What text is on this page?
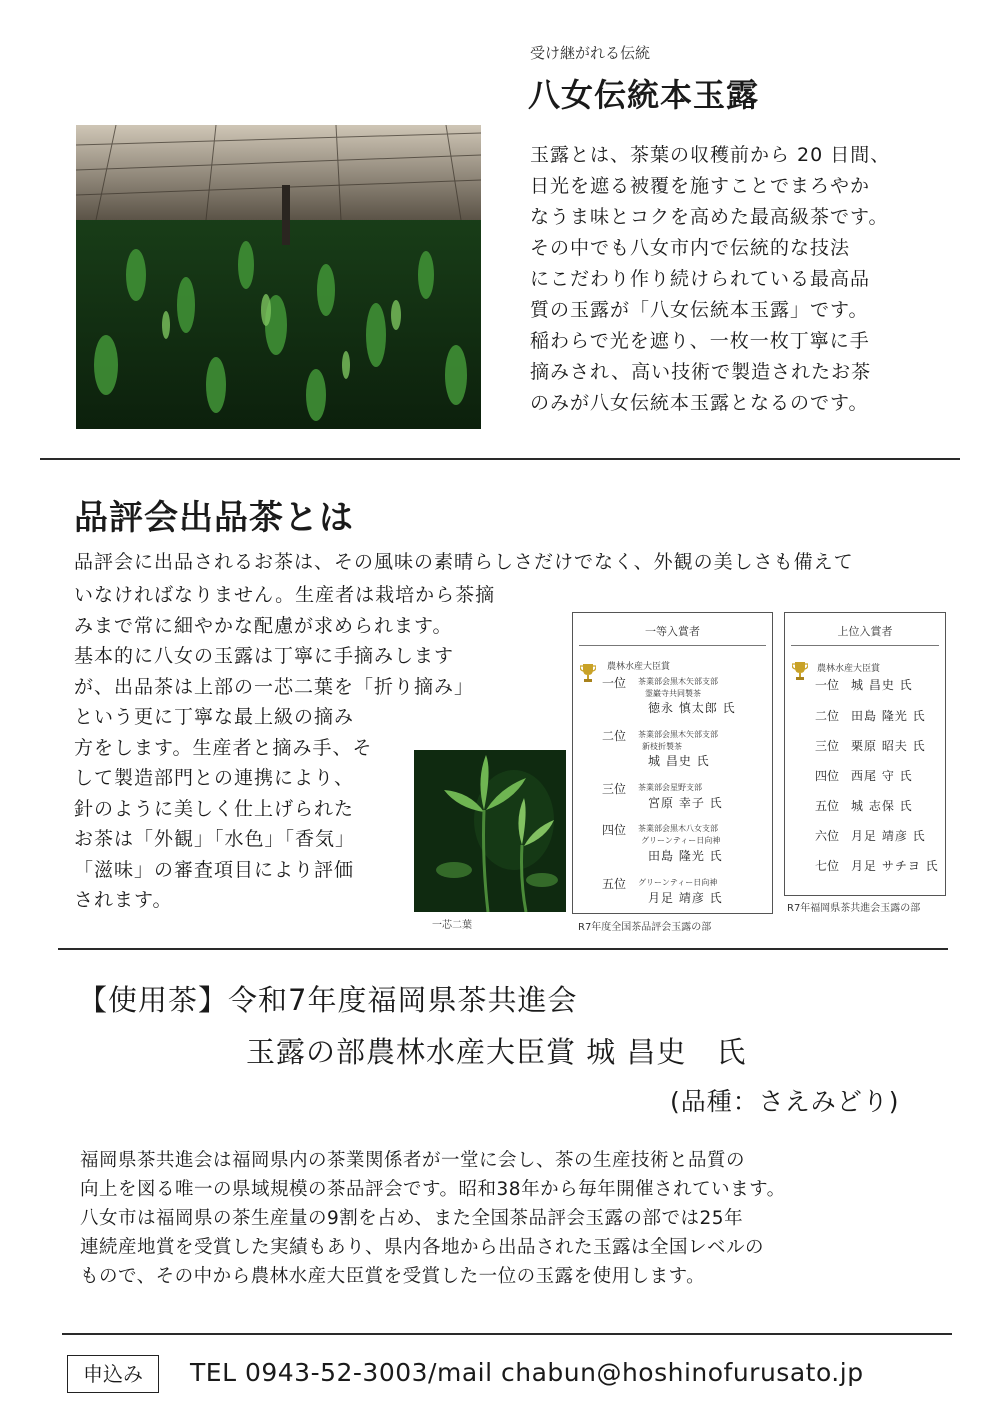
受け継がれる伝統
八女伝統本玉露
玉露とは、茶葉の収穫前から 20 日間、
日光を遮る被覆を施すことでまろやか
なうま味とコクを高めた最高級茶です。
その中でも八女市内で伝統的な技法
にこだわり作り続けられている最高品
質の玉露が「八女伝統本玉露」です。
稲わらで光を遮り、一枚一枚丁寧に手
摘みされ、高い技術で製造されたお茶
のみが八女伝統本玉露となるのです。
品評会出品茶とは
品評会に出品されるお茶は、その風味の素晴らしさだけでなく、外観の美しさも備えて
いなければなりません。生産者は栽培から茶摘
みまで常に細やかな配慮が求められます。
基本的に八女の玉露は丁寧に手摘みします
が、出品茶は上部の一芯二葉を「折り摘み」
という更に丁寧な最上級の摘み
方をします。生産者と摘み手、そ
して製造部門との連携により、
針のように美しく仕上げられた
お茶は「外観」「水色」「香気」
「滋味」の審査項目により評価
されます。
一芯二葉
一等入賞者
農林水産大臣賞
一位 茶業部会黒木矢部支部
霊巌寺共同製茶
徳永 慎太郎 氏
二位 茶業部会黒木矢部支部
新枝折製茶
城 昌史 氏
三位 茶業部会星野支部
宮原 幸子 氏
四位 茶業部会黒木八女支部
グリーンティー日向神
田島 隆光 氏
五位 グリーンティー日向神
月足 靖彦 氏
R7年度全国茶品評会玉露の部
上位入賞者
農林水産大臣賞
一位 城 昌史 氏
二位 田島 隆光 氏
三位 栗原 昭夫 氏
四位 西尾 守 氏
五位 城 志保 氏
六位 月足 靖彦 氏
七位 月足 サチヨ 氏
R7年福岡県茶共進会玉露の部
【使用茶】令和7年度福岡県茶共進会
玉露の部農林水産大臣賞 城 昌史　氏
(品種：さえみどり)
福岡県茶共進会は福岡県内の茶業関係者が一堂に会し、茶の生産技術と品質の
向上を図る唯一の県域規模の茶品評会です。昭和38年から毎年開催されています。
八女市は福岡県の茶生産量の9割を占め、また全国茶品評会玉露の部では25年
連続産地賞を受賞した実績もあり、県内各地から出品された玉露は全国レベルの
もので、その中から農林水産大臣賞を受賞した一位の玉露を使用します。
申込み	TEL 0943-52-3003/mail chabun@hoshinofurusato.jp
